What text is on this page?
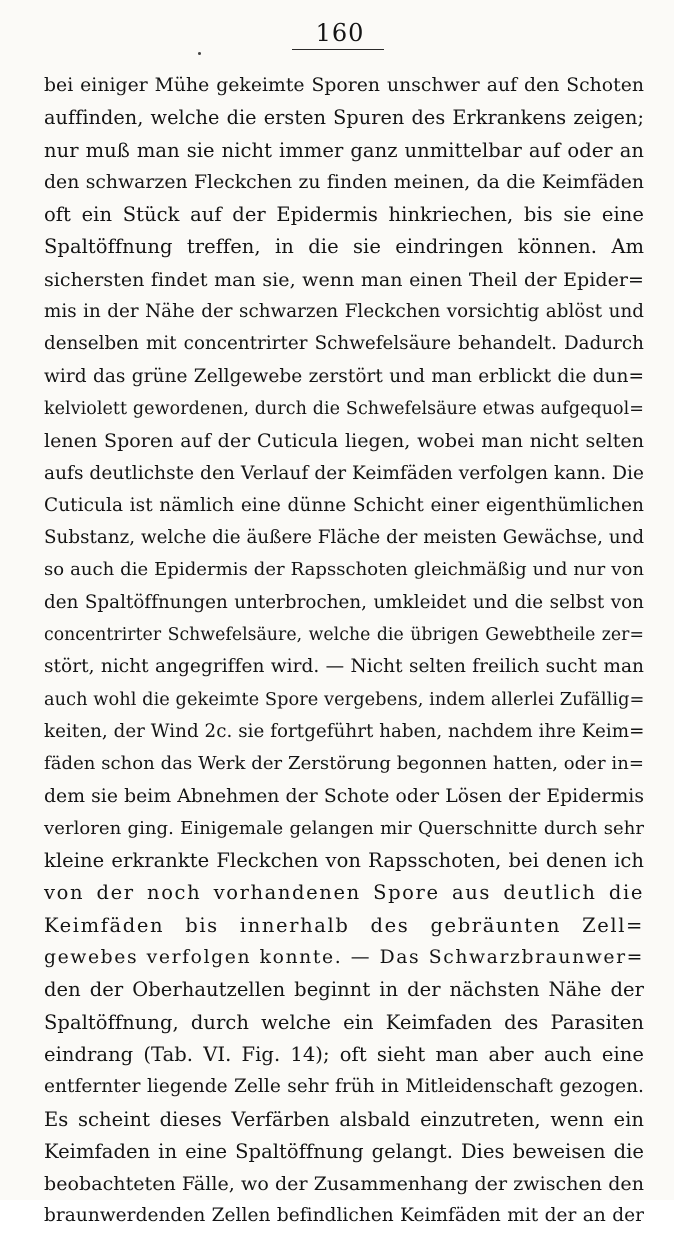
160
bei einiger Mühe gekeimte Sporen unschwer auf den Schoten
auffinden, welche die ersten Spuren des Erkrankens zeigen;
nur muß man sie nicht immer ganz unmittelbar auf oder an
den schwarzen Fleckchen zu finden meinen, da die Keimfäden
oft ein Stück auf der Epidermis hinkriechen, bis sie eine
Spaltöffnung treffen, in die sie eindringen können. Am
sichersten findet man sie, wenn man einen Theil der Epider=
mis in der Nähe der schwarzen Fleckchen vorsichtig ablöst und
denselben mit concentrirter Schwefelsäure behandelt. Dadurch
wird das grüne Zellgewebe zerstört und man erblickt die dun=
kelviolett gewordenen, durch die Schwefelsäure etwas aufgequol=
lenen Sporen auf der Cuticula liegen, wobei man nicht selten
aufs deutlichste den Verlauf der Keimfäden verfolgen kann. Die
Cuticula ist nämlich eine dünne Schicht einer eigenthümlichen
Substanz, welche die äußere Fläche der meisten Gewächse, und
so auch die Epidermis der Rapsschoten gleichmäßig und nur von
den Spaltöffnungen unterbrochen, umkleidet und die selbst von
concentrirter Schwefelsäure, welche die übrigen Gewebtheile zer=
stört, nicht angegriffen wird. — Nicht selten freilich sucht man
auch wohl die gekeimte Spore vergebens, indem allerlei Zufällig=
keiten, der Wind 2c. sie fortgeführt haben, nachdem ihre Keim=
fäden schon das Werk der Zerstörung begonnen hatten, oder in=
dem sie beim Abnehmen der Schote oder Lösen der Epidermis
verloren ging. Einigemale gelangen mir Querschnitte durch sehr
kleine erkrankte Fleckchen von Rapsschoten, bei denen ich
von der noch vorhandenen Spore aus deutlich die
Keimfäden bis innerhalb des gebräunten Zell=
gewebes verfolgen konnte. — Das Schwarzbraunwer=
den der Oberhautzellen beginnt in der nächsten Nähe der
Spaltöffnung, durch welche ein Keimfaden des Parasiten
eindrang (Tab. VI. Fig. 14); oft sieht man aber auch eine
entfernter liegende Zelle sehr früh in Mitleidenschaft gezogen.
Es scheint dieses Verfärben alsbald einzutreten, wenn ein
Keimfaden in eine Spaltöffnung gelangt. Dies beweisen die
beobachteten Fälle, wo der Zusammenhang der zwischen den
braunwerdenden Zellen befindlichen Keimfäden mit der an der
